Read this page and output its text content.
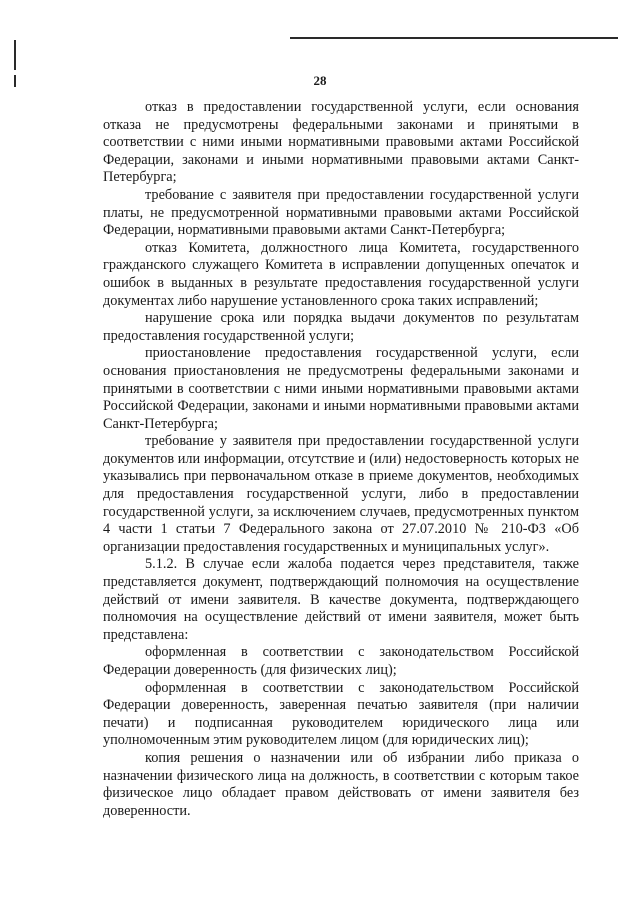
28

отказ в предоставлении государственной услуги, если основания отказа не предусмотрены федеральными законами и принятыми в соответствии с ними иными нормативными правовыми актами Российской Федерации, законами и иными нормативными правовыми актами Санкт-Петербурга;

требование с заявителя при предоставлении государственной услуги платы, не предусмотренной нормативными правовыми актами Российской Федерации, нормативными правовыми актами Санкт-Петербурга;

отказ Комитета, должностного лица Комитета, государственного гражданского служащего Комитета в исправлении допущенных опечаток и ошибок в выданных в результате предоставления государственной услуги документах либо нарушение установленного срока таких исправлений;

нарушение срока или порядка выдачи документов по результатам предоставления государственной услуги;

приостановление предоставления государственной услуги, если основания приостановления не предусмотрены федеральными законами и принятыми в соответствии с ними иными нормативными правовыми актами Российской Федерации, законами и иными нормативными правовыми актами Санкт-Петербурга;

требование у заявителя при предоставлении государственной услуги документов или информации, отсутствие и (или) недостоверность которых не указывались при первоначальном отказе в приеме документов, необходимых для предоставления государственной услуги, либо в предоставлении государственной услуги, за исключением случаев, предусмотренных пунктом 4 части 1 статьи 7 Федерального закона от 27.07.2010 № 210-ФЗ «Об организации предоставления государственных и муниципальных услуг».

5.1.2. В случае если жалоба подается через представителя, также представляется документ, подтверждающий полномочия на осуществление действий от имени заявителя. В качестве документа, подтверждающего полномочия на осуществление действий от имени заявителя, может быть представлена:

оформленная в соответствии с законодательством Российской Федерации доверенность (для физических лиц);

оформленная в соответствии с законодательством Российской Федерации доверенность, заверенная печатью заявителя (при наличии печати) и подписанная руководителем юридического лица или уполномоченным этим руководителем лицом (для юридических лиц);

копия решения о назначении или об избрании либо приказа о назначении физического лица на должность, в соответствии с которым такое физическое лицо обладает правом действовать от имени заявителя без доверенности.
